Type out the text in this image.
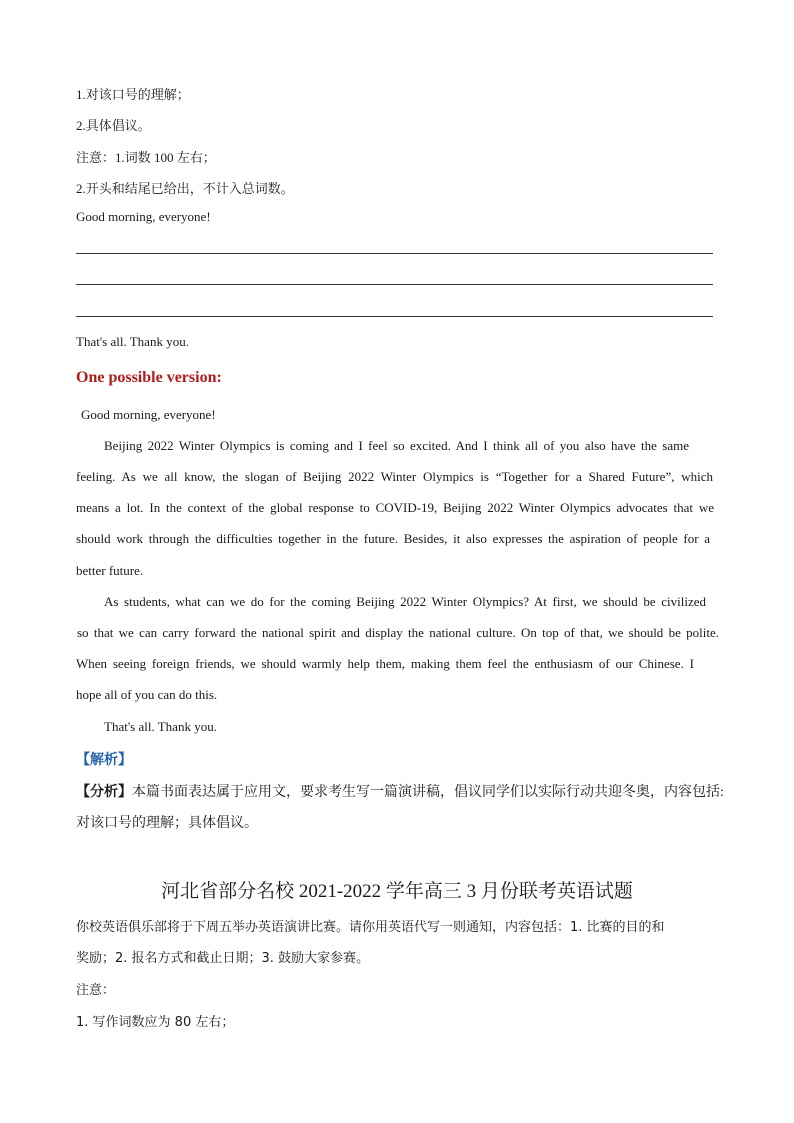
1.对该口号的理解；
2.具体倡议。
注意：1.词数 100 左右；
2.开头和结尾已给出，不计入总词数。
Good morning, everyone!
That's all. Thank you.
One possible version:
Good morning, everyone!
Beijing 2022 Winter Olympics is coming and I feel so excited. And I think all of you also have the same
feeling. As we all know, the slogan of Beijing 2022 Winter Olympics is “Together for a Shared Future”, which
means a lot. In the context of the global response to COVID-19, Beijing 2022 Winter Olympics advocates that we
should work through the difficulties together in the future. Besides, it also expresses the aspiration of people for a
better future.
As students, what can we do for the coming Beijing 2022 Winter Olympics? At first, we should be civilized
so that we can carry forward the national spirit and display the national culture. On top of that, we should be polite.
When seeing foreign friends, we should warmly help them, making them feel the enthusiasm of our Chinese. I
hope all of you can do this.
That's all. Thank you.
【解析】
【分析】本篇书面表达属于应用文，要求考生写一篇演讲稿，倡议同学们以实际行动共迎冬奥，内容包括:
对该口号的理解；具体倡议。
河北省部分名校 2021-2022 学年高三 3 月份联考英语试题
你校英语俱乐部将于下周五举办英语演讲比赛。请你用英语代写一则通知，内容包括：1. 比赛的目的和
奖励；2. 报名方式和截止日期；3. 鼓励大家参赛。
注意：
1. 写作词数应为 80 左右；
